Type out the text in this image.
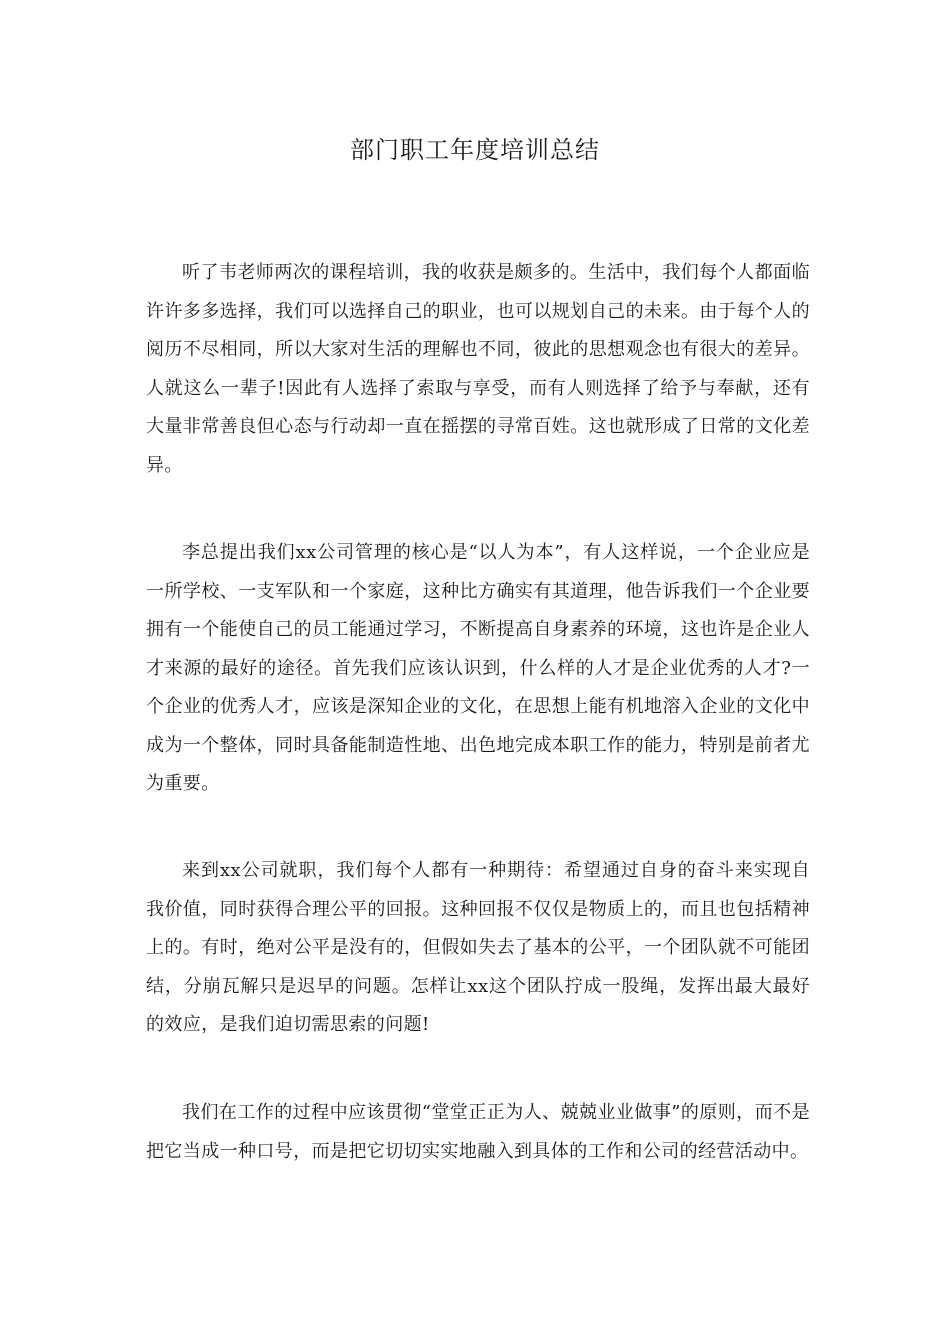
部门职工年度培训总结

听了韦老师两次的课程培训，我的收获是颇多的。生活中，我们每个人都面临许许多多选择，我们可以选择自己的职业，也可以规划自己的未来。由于每个人的阅历不尽相同，所以大家对生活的理解也不同，彼此的思想观念也有很大的差异。人就这么一辈子!因此有人选择了索取与享受，而有人则选择了给予与奉献，还有大量非常善良但心态与行动却一直在摇摆的寻常百姓。这也就形成了日常的文化差异。

李总提出我们xx公司管理的核心是“以人为本”，有人这样说，一个企业应是一所学校、一支军队和一个家庭，这种比方确实有其道理，他告诉我们一个企业要拥有一个能使自己的员工能通过学习，不断提高自身素养的环境，这也许是企业人才来源的最好的途径。首先我们应该认识到，什么样的人才是企业优秀的人才?一个企业的优秀人才，应该是深知企业的文化，在思想上能有机地溶入企业的文化中成为一个整体，同时具备能制造性地、出色地完成本职工作的能力，特别是前者尤为重要。

来到xx公司就职，我们每个人都有一种期待：希望通过自身的奋斗来实现自我价值，同时获得合理公平的回报。这种回报不仅仅是物质上的，而且也包括精神上的。有时，绝对公平是没有的，但假如失去了基本的公平，一个团队就不可能团结，分崩瓦解只是迟早的问题。怎样让xx这个团队拧成一股绳，发挥出最大最好的效应，是我们迫切需思索的问题!

我们在工作的过程中应该贯彻“堂堂正正为人、兢兢业业做事”的原则，而不是把它当成一种口号，而是把它切切实实地融入到具体的工作和公司的经营活动中。
